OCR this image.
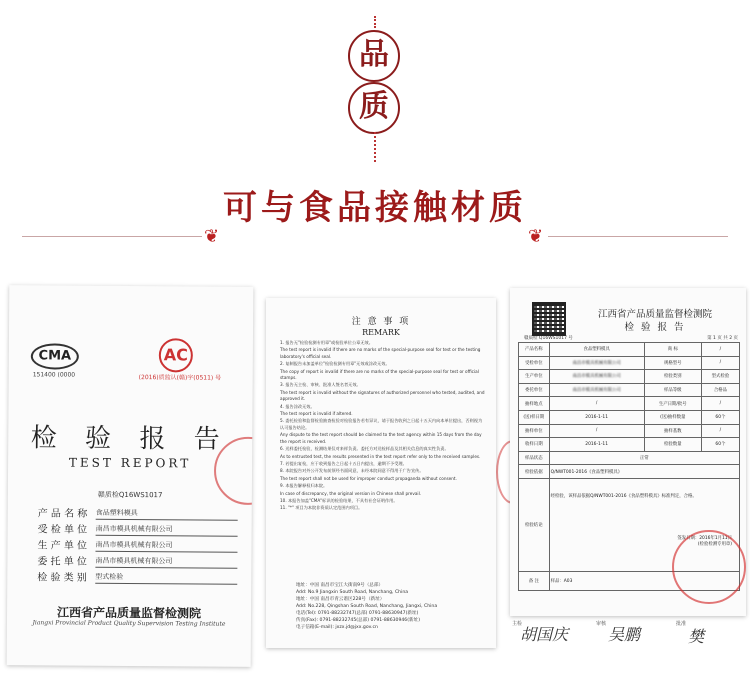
品
质
可与食品接触材质
❦	❦
CMA
151400 (0000
AC
(2016)质监认(赣)字(0511) 号
检 验 报 告
TEST REPORT
赣质检Q16WS1017
产 品 名 称	食品塑料模具
受 检 单 位	南昌市模具机械有限公司
生 产 单 位	南昌市模具机械有限公司
委 托 单 位	南昌市模具机械有限公司
检 验 类 别	型式检验
江西省产品质量监督检测院
Jiangxi Provincial Product Quality Supervision Testing Institute
注 意 事 项
REMARK
1. 报告无"检验检测专用章"或检验单位公章无效。
The test report is invalid if there are no marks of the special-purpose seal for test or the testing laboratory's official seal.
2. 复制报告未加盖单位"检验检测专用章"无效或涂改无效。
The copy of report is invalid if there are no marks of the special-purpose seal for test or official stamps.
3. 报告无主检、审核、批准人签名者无效。
The test report is invalid without the signatures of authorized personnel who tested, audited, and approved it.
4. 报告涂改无效。
The test report is invalid if altered.
5. 委托检验和监督检验抽查检验对检验报告若有异议，请于报告收到之日起十五天内向本单位提出，否则视为认可报告结论。
Any dispute to the test report should be claimed to the test agency within 15 days from the day the report is received.
6. 送样委托检验，检测结果仅对来样负责。委托方对送检样品及其相关信息的真实性负责。
As to entrusted test, the results presented in the test report refer only to the received samples.
7. 若提出复检，应于收到报告之日起十五日内提出，逾期不予受理。
8. 本院报告对外公开发布前须经书面同意，未经本院同意不得用于广告宣传。
The test report shall not be used for improper conduct propaganda without consent.
9. 本报告解释权归本院。
In case of discrepancy, the original version in Chinese shall prevail.
10. 本报告加盖"CMA"标识的检验结果，不具有社会证明作用。
11. "*" 项目为本院非资质认定范围内项目。
地址：中国 南昌市宝江大街南9号（总部）
Add: No.9 Jiangxin South Road, Nanchang, China
地址：中国 南昌市青云谱区228号（新址）
Add: No.228, Qingshan South Road, Nanchang, Jiangxi, China
电话(Tel): 0791-88232747(总部) 0791-88630947(新址)
传真(Fax): 0791-88232745(总部) 0791-88630946(新址)
电子信箱(E-mail): jxzx.jd@jxx.gov.cn
江西省产品质量监督检测院
检 验 报 告
赣质检 Q16WS1017 号	第 1 页 共 2 页
产品名称	食品塑料模具	商 标	/
受检单位	南昌市模具机械有限公司	规格型号	/
生产单位	南昌市模具机械有限公司	检验类别	型式检验
委托单位	南昌市模具机械有限公司	样品等级	合格品
抽样地点	/	生产日期/批号	/
(送)样日期	2016-1-11	(送)抽样数量	60个
抽样单位	/	抽样基数	/
收样日期	2016-1-11	检验数量	60个
样品状态	正常		
检验依据	Q/NWT001-2016《食品塑料模具》		
检验结论	经检验，该样品依据Q/NWT001-2016《食品塑料模具》标准判定，合格。
签发日期：2016年1月11日
(检验检测专用章)		

备 注	样品：A03		
主检
胡国庆
审核
吴鹏
批准
樊
